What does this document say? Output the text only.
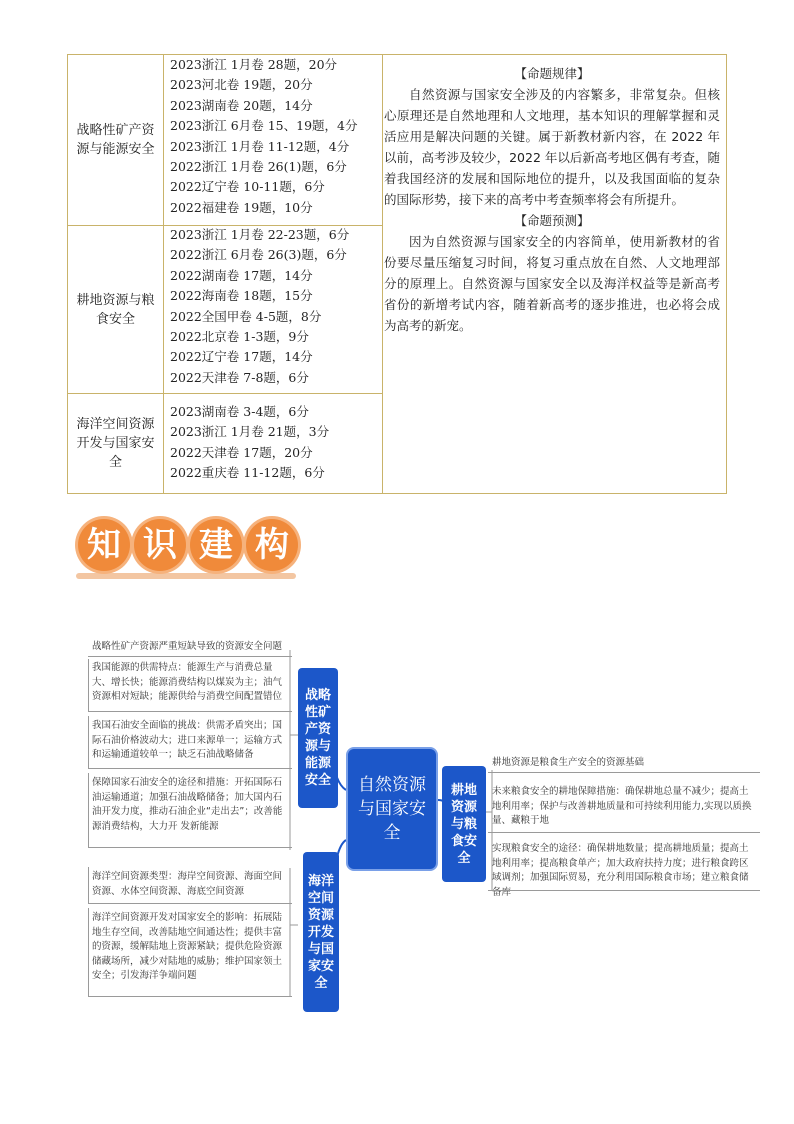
战略性矿产资源与能源安全
耕地资源与粮食安全
海洋空间资源开发与国家安全
2023浙江 1月卷 28题，20分
2023河北卷 19题，20分
2023湖南卷 20题，14分
2023浙江 6月卷 15、19题，4分
2023浙江 1月卷 11-12题，4分
2022浙江 1月卷 26(1)题，6分
2022辽宁卷 10-11题，6分
2022福建卷 19题，10分
2023浙江 1月卷 22-23题，6分
2022浙江 6月卷 26(3)题，6分
2022湖南卷 17题，14分
2022海南卷 18题，15分
2022全国甲卷 4-5题，8分
2022北京卷 1-3题，9分
2022辽宁卷 17题，14分
2022天津卷 7-8题，6分
2023湖南卷 3-4题，6分
2023浙江 1月卷 21题，3分
2022天津卷 17题，20分
2022重庆卷 11-12题，6分
【命题规律】
自然资源与国家安全涉及的内容繁多，非常复杂。但核心原理还是自然地理和人文地理，基本知识的理解掌握和灵活应用是解决问题的关键。属于新教材新内容，在 2022 年以前，高考涉及较少，2022 年以后新高考地区偶有考查，随着我国经济的发展和国际地位的提升，以及我国面临的复杂的国际形势，接下来的高考中考查频率将会有所提升。
【命题预测】
因为自然资源与国家安全的内容简单，使用新教材的省份要尽量压缩复习时间，将复习重点放在自然、人文地理部分的原理上。自然资源与国家安全以及海洋权益等是新高考省份的新增考试内容，随着新高考的逐步推进，也必将会成为高考的新宠。
知 识 建 构
战略性矿产资源严重短缺导致的资源安全问题
我国能源的供需特点：能源生产与消费总量大、增长快；能源消费结构以煤炭为主；油气资源相对短缺；能源供给与消费空间配置错位
我国石油安全面临的挑战：供需矛盾突出；国际石油价格波动大；进口来源单一；运输方式和运输通道较单一；缺乏石油战略储备
保障国家石油安全的途径和措施：开拓国际石油运输通道；加强石油战略储备；加大国内石油开发力度，推动石油企业“走出去”；改善能源消费结构，大力开 发新能源
战略性矿产资源与能源安全 自然资源与国家安全
耕地资源与粮食安全
海洋空间资源开发与国家安全
海洋空间资源类型：海岸空间资源、海面空间资源、水体空间资源、海底空间资源
海洋空间资源开发对国家安全的影响：拓展陆地生存空间，改善陆地空间通达性；提供丰富的资源，缓解陆地上资源紧缺；提供危险资源储藏场所，减少对陆地的威胁；维护国家领土安全；引发海洋争端问题
耕地资源是粮食生产安全的资源基础
未来粮食安全的耕地保障措施：确保耕地总量不减少；提高土地利用率；保护与改善耕地质量和可持续利用能力,实现以质换量、藏粮于地
实现粮食安全的途径：确保耕地数量；提高耕地质量；提高土地利用率；提高粮食单产；加大政府扶持力度；进行粮食跨区域调剂；加强国际贸易，充分利用国际粮食市场；建立粮食储备库
